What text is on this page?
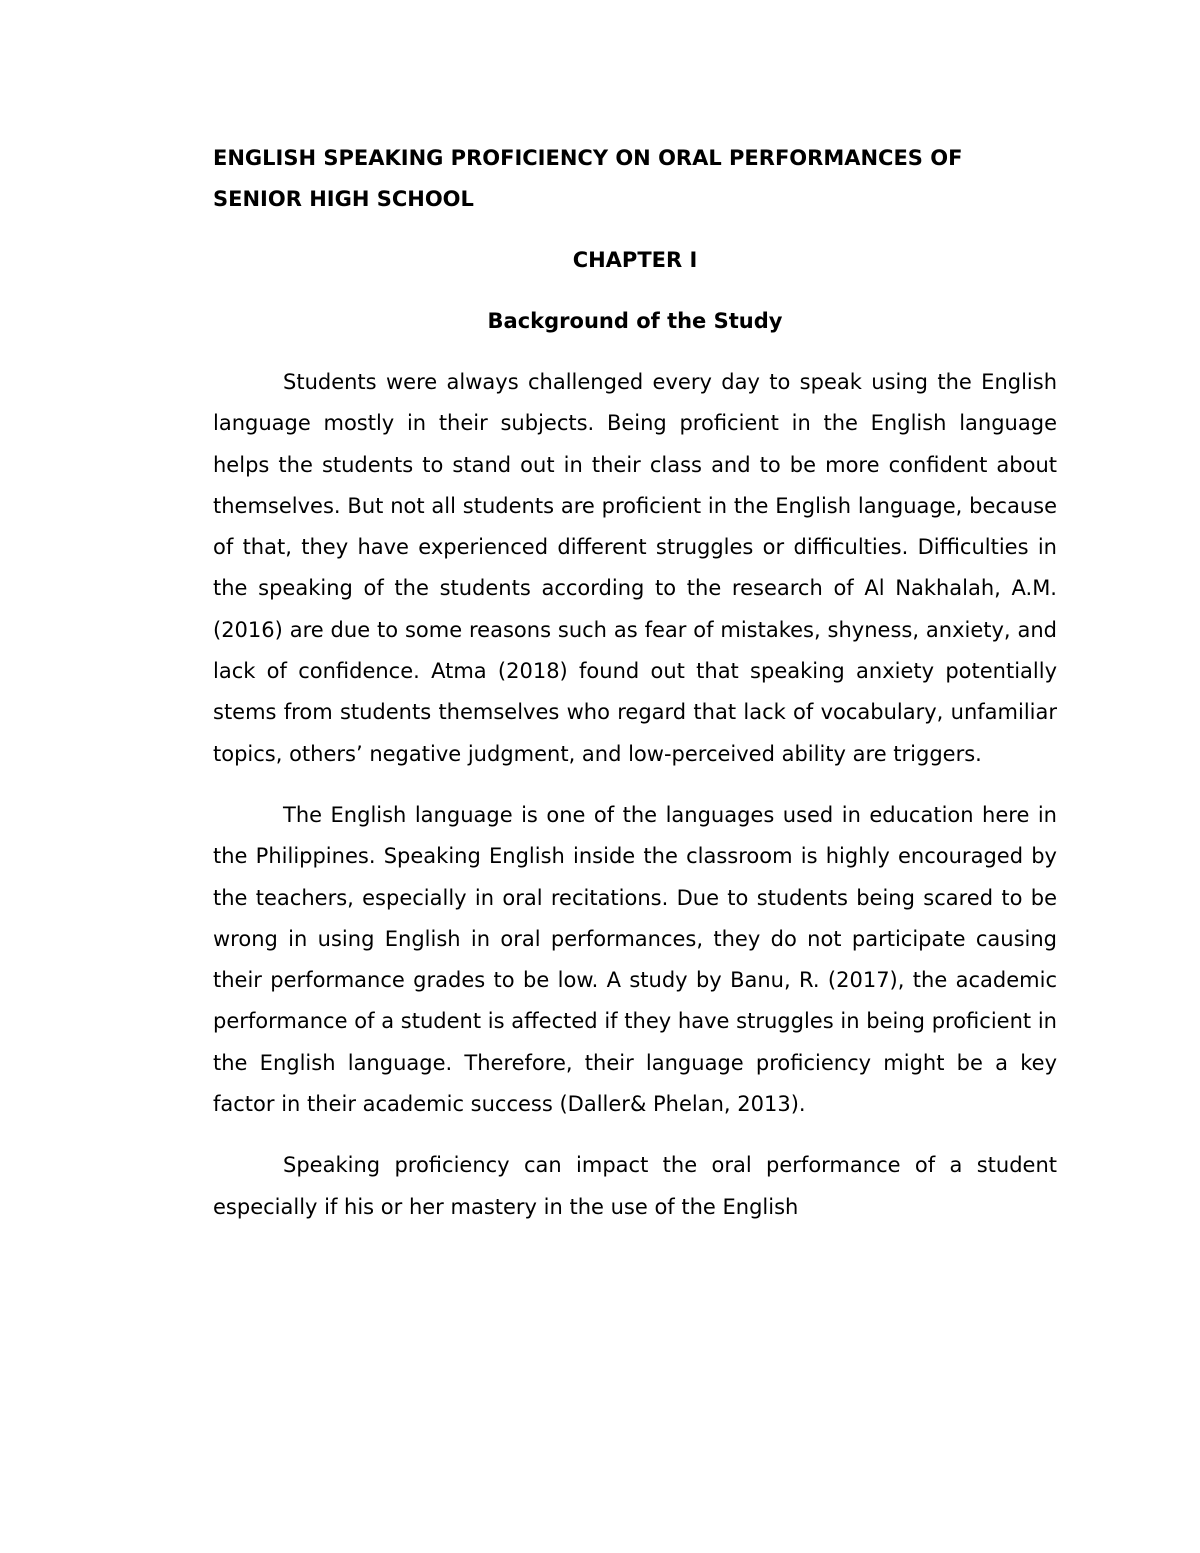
ENGLISH SPEAKING PROFICIENCY ON ORAL PERFORMANCES OF SENIOR HIGH SCHOOL
CHAPTER I
Background of the Study

Students were always challenged every day to speak using the English language mostly in their subjects. Being proficient in the English language helps the students to stand out in their class and to be more confident about themselves. But not all students are proficient in the English language, because of that, they have experienced different struggles or difficulties. Difficulties in the speaking of the students according to the research of Al Nakhalah, A.M. (2016) are due to some reasons such as fear of mistakes, shyness, anxiety, and lack of confidence. Atma (2018) found out that speaking anxiety potentially stems from students themselves who regard that lack of vocabulary, unfamiliar topics, others’ negative judgment, and low-perceived ability are triggers.

The English language is one of the languages used in education here in the Philippines. Speaking English inside the classroom is highly encouraged by the teachers, especially in oral recitations. Due to students being scared to be wrong in using English in oral performances, they do not participate causing their performance grades to be low. A study by Banu, R. (2017), the academic performance of a student is affected if they have struggles in being proficient in the English language. Therefore, their language proficiency might be a key factor in their academic success (Daller& Phelan, 2013).

Speaking proficiency can impact the oral performance of a student especially if his or her mastery in the use of the English
